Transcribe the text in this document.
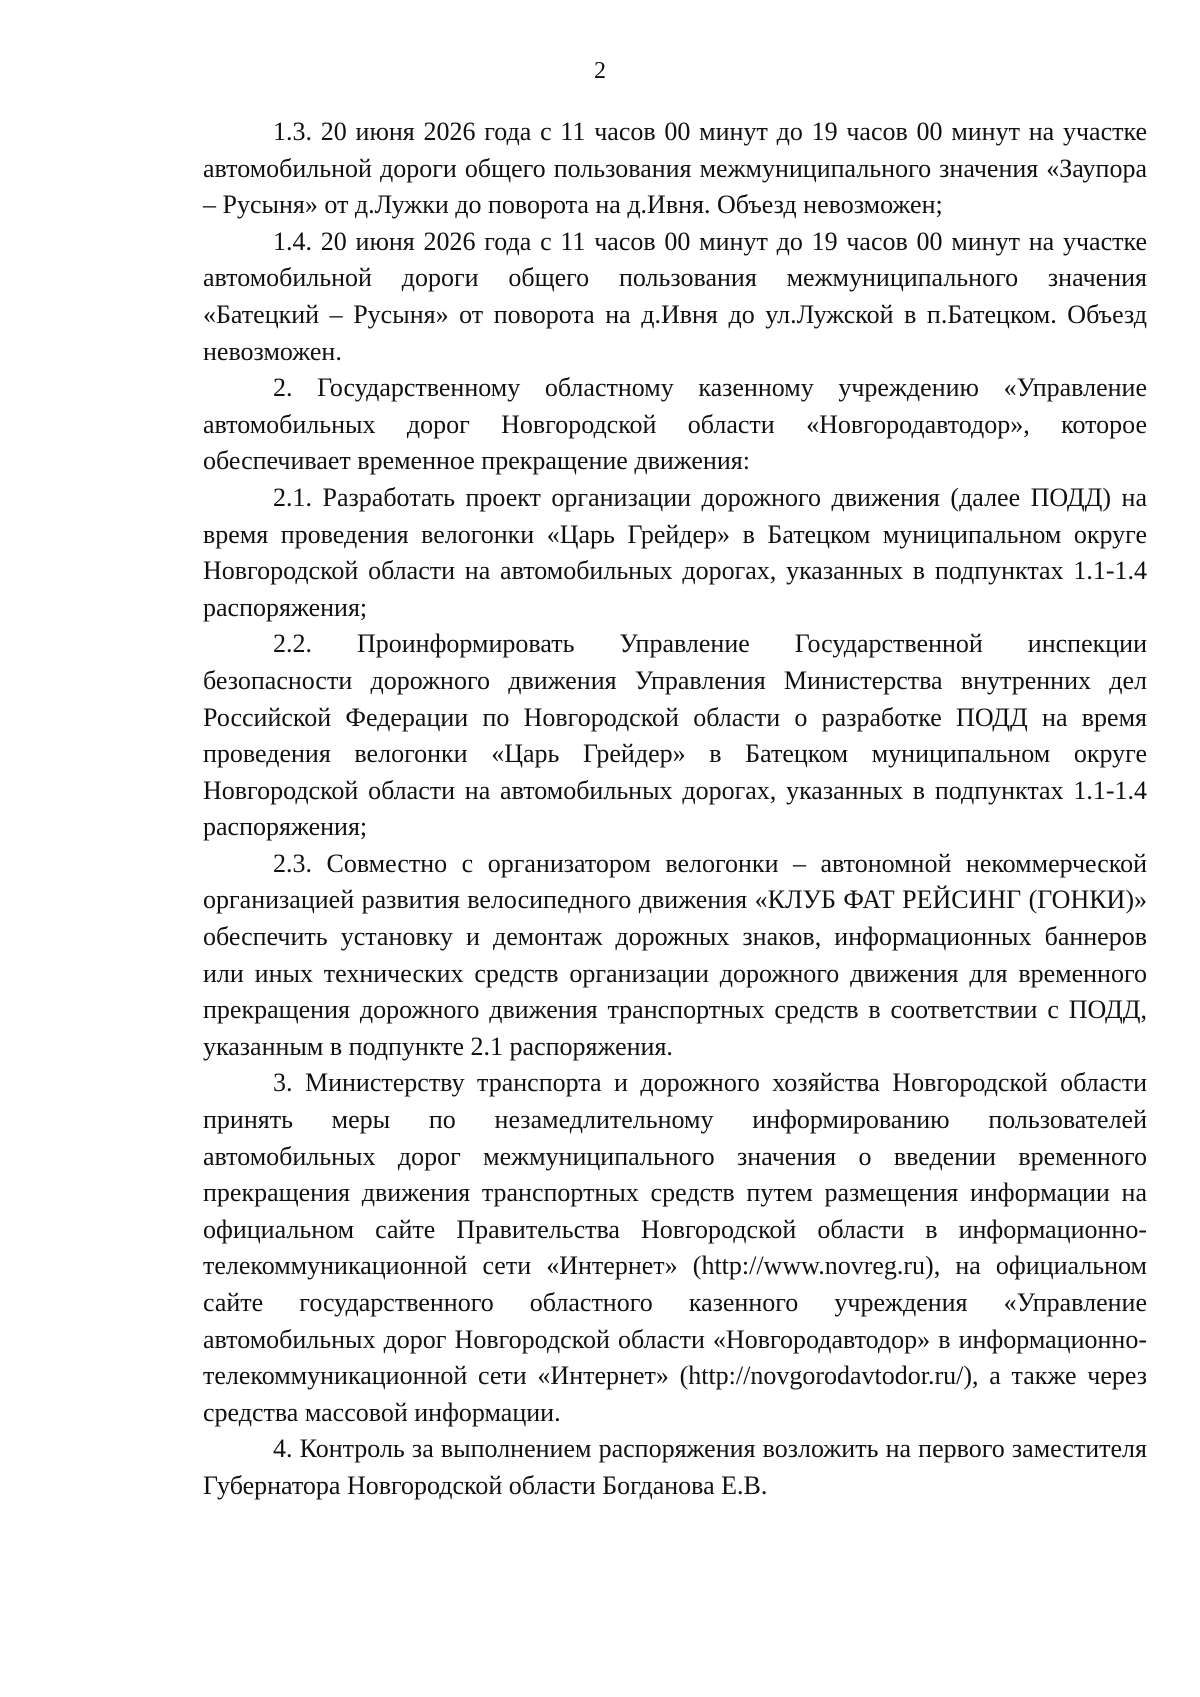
2

1.3. 20 июня 2026 года с 11 часов 00 минут до 19 часов 00 минут на участке автомобильной дороги общего пользования межмуниципального значения «Заупора – Русыня» от д.Лужки до поворота на д.Ивня. Объезд невозможен;

1.4. 20 июня 2026 года с 11 часов 00 минут до 19 часов 00 минут на участке автомобильной дороги общего пользования межмуниципального значения «Батецкий – Русыня» от поворота на д.Ивня до ул.Лужской в п.Батецком. Объезд невозможен.

2. Государственному областному казенному учреждению «Управление автомобильных дорог Новгородской области «Новгородавтодор», которое обеспечивает временное прекращение движения:

2.1. Разработать проект организации дорожного движения (далее ПОДД) на время проведения велогонки «Царь Грейдер» в Батецком муниципальном округе Новгородской области на автомобильных дорогах, указанных в подпунктах 1.1-1.4 распоряжения;

2.2. Проинформировать Управление Государственной инспекции безопасности дорожного движения Управления Министерства внутренних дел Российской Федерации по Новгородской области о разработке ПОДД на время проведения велогонки «Царь Грейдер» в Батецком муниципальном округе Новгородской области на автомобильных дорогах, указанных в подпунктах 1.1-1.4 распоряжения;

2.3. Совместно с организатором велогонки – автономной некоммерческой организацией развития велосипедного движения «КЛУБ ФАТ РЕЙСИНГ (ГОНКИ)» обеспечить установку и демонтаж дорожных знаков, информационных баннеров или иных технических средств организации дорожного движения для временного прекращения дорожного движения транспортных средств в соответствии с ПОДД, указанным в подпункте 2.1 распоряжения.

3. Министерству транспорта и дорожного хозяйства Новгородской области принять меры по незамедлительному информированию пользователей автомобильных дорог межмуниципального значения о введении временного прекращения движения транспортных средств путем размещения информации на официальном сайте Правительства Новгородской области в информационно-телекоммуникационной сети «Интернет» (http://www.novreg.ru), на официальном сайте государственного областного казенного учреждения «Управление автомобильных дорог Новгородской области «Новгородавтодор» в информационно-телекоммуникационной сети «Интернет» (http://novgorodavtodor.ru/), а также через средства массовой информации.

4. Контроль за выполнением распоряжения возложить на первого заместителя Губернатора Новгородской области Богданова Е.В.
